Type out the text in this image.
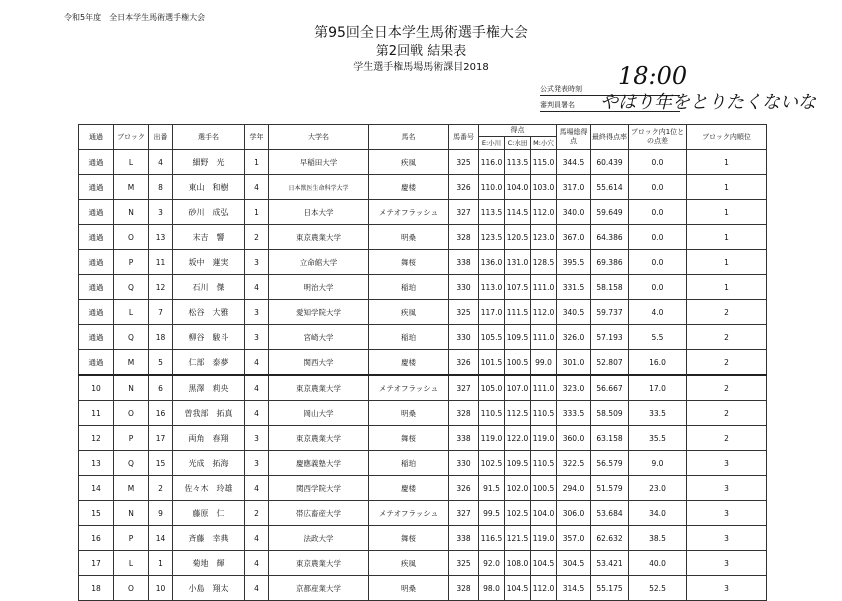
令和5年度　全日本学生馬術選手権大会
第95回全日本学生馬術選手権大会
第2回戦 結果表
学生選手権馬場馬術課目2018
公式発表時刻
審判員署名
18:00
やはり年をとりたくないな
通過	ブロック	出番	選手名	学年	大学名	馬名	馬番号	得点			馬場総得点	最終得点率	ブロック内1位との点差	ブロック内順位
								E:小川	C:水田	M:小穴				
通過	L	4	細野　光	1	早稲田大学	疾風	325	116.0	113.5	115.0	344.5	60.439	0.0	1
通過	M	8	東山　和樹	4	日本獣医生命科学大学	慶楼	326	110.0	104.0	103.0	317.0	55.614	0.0	1
通過	N	3	砂川　成弘	1	日本大学	メテオフラッシュ	327	113.5	114.5	112.0	340.0	59.649	0.0	1
通過	O	13	末吉　響	2	東京農業大学	明桑	328	123.5	120.5	123.0	367.0	64.386	0.0	1
通過	P	11	坂中　蓮実	3	立命館大学	舞桜	338	136.0	131.0	128.5	395.5	69.386	0.0	1
通過	Q	12	石川　傑	4	明治大学	稲珀	330	113.0	107.5	111.0	331.5	58.158	0.0	1
通過	L	7	松谷　大雅	3	愛知学院大学	疾風	325	117.0	111.5	112.0	340.5	59.737	4.0	2
通過	Q	18	柳谷　駿斗	3	宮崎大学	稲珀	330	105.5	109.5	111.0	326.0	57.193	5.5	2
通過	M	5	仁部　泰夢	4	関西大学	慶楼	326	101.5	100.5	99.0	301.0	52.807	16.0	2
10	N	6	黒澤　莉央	4	東京農業大学	メテオフラッシュ	327	105.0	107.0	111.0	323.0	56.667	17.0	2
11	O	16	曽我部　拓真	4	岡山大学	明桑	328	110.5	112.5	110.5	333.5	58.509	33.5	2
12	P	17	両角　春翔	3	東京農業大学	舞桜	338	119.0	122.0	119.0	360.0	63.158	35.5	2
13	Q	15	光成　拓海	3	慶應義塾大学	稲珀	330	102.5	109.5	110.5	322.5	56.579	9.0	3
14	M	2	佐々木　玲雄	4	関西学院大学	慶楼	326	91.5	102.0	100.5	294.0	51.579	23.0	3
15	N	9	藤原　仁	2	帯広畜産大学	メテオフラッシュ	327	99.5	102.5	104.0	306.0	53.684	34.0	3
16	P	14	斉藤　幸典	4	法政大学	舞桜	338	116.5	121.5	119.0	357.0	62.632	38.5	3
17	L	1	菊地　輝	4	東京農業大学	疾風	325	92.0	108.0	104.5	304.5	53.421	40.0	3
18	O	10	小島　翔太	4	京都産業大学	明桑	328	98.0	104.5	112.0	314.5	55.175	52.5	3
